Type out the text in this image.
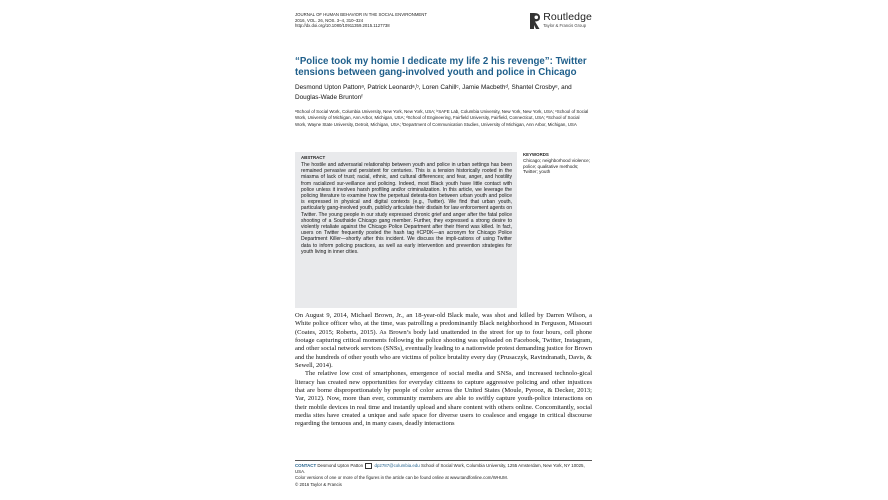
JOURNAL OF HUMAN BEHAVIOR IN THE SOCIAL ENVIRONMENT
2016, VOL. 26, NOS. 3–4, 310–324
http://dx.doi.org/10.1080/10911359.2015.1127738
Routledge
Taylor & Francis Group
“Police took my homie I dedicate my life 2 his revenge”: Twitter tensions between gang-involved youth and police in Chicago
Desmond Upton Pattonᵃ, Patrick Leonardᵃ,ᵇ, Loren Cahillᶜ, Jamie Macbethᵈ, Shantel Crosbyᵉ, and Douglas-Wade Bruntonᶠ
ᵃSchool of Social Work, Columbia University, New York, New York, USA; ᵇSAFE Lab, Columbia University, New York, New York, USA; ᶜSchool of Social Work, University of Michigan, Ann Arbor, Michigan, USA; ᵈSchool of Engineering, Fairfield University, Fairfield, Connecticut, USA; ᵉSchool of Social Work, Wayne State University, Detroit, Michigan, USA; ᶠDepartment of Communication Studies, University of Michigan, Ann Arbor, Michigan, USA
ABSTRACT
The hostile and adversarial relationship between youth and police in urban settings has been remained pervasive and persistent for centuries. This is a tension historically rooted in the miasma of lack of trust; racial, ethnic, and cultural differences; and fear, anger, and hostility from racialized sur-veillance and policing. Indeed, most Black youth have little contact with police unless it involves harsh profiling and/or criminalization. In this article, we leverage the policing literature to examine how the perpetual detesta-tion between urban youth and police is expressed in physical and digital contexts (e.g., Twitter). We find that urban youth, particularly gang-involved youth, publicly articulate their disdain for law enforcement agents on Twitter. The young people in our study expressed chronic grief and anger after the fatal police shooting of a Southside Chicago gang member. Further, they expressed a strong desire to violently retaliate against the Chicago Police Department after their friend was killed. In fact, users on Twitter frequently posted the hash tag #CPDK—an acronym for Chicago Police Department Killer—shortly after this incident. We discuss the impli-cations of using Twitter data to inform policing practices, as well as early intervention and prevention strategies for youth living in inner cities.
KEYWORDS
Chicago; neighborhood violence; police; qualitative methods; Twitter; youth

On August 9, 2014, Michael Brown, Jr., an 18-year-old Black male, was shot and killed by Darren Wilson, a White police officer who, at the time, was patrolling a predominantly Black neighborhood in Ferguson, Missouri (Coates, 2015; Roberts, 2015). As Brown’s body laid unattended in the street for up to four hours, cell phone footage capturing critical moments following the police shooting was uploaded on Facebook, Twitter, Instagram, and other social network services (SNSs), eventually leading to a nationwide protest demanding justice for Brown and the hundreds of other youth who are victims of police brutality every day (Prusaczyk, Ravindranath, Davis, & Sewell, 2014).

The relative low cost of smartphones, emergence of social media and SNSs, and increased technolo-gical literacy has created new opportunities for everyday citizens to capture aggressive policing and other injustices that are borne disproportionately by people of color across the United States (Moule, Pyrooz, & Decker, 2013; Yar, 2012). Now, more than ever, community members are able to swiftly capture youth-police interactions on their mobile devices in real time and instantly upload and share content with others online. Concomitantly, social media sites have created a unique and safe space for diverse users to coalesce and engage in critical discourse regarding the tenuous and, in many cases, deadly interactions

CONTACT Desmond Upton Patton	dp2787@columbia.edu School of Social Work, Columbia University, 1255 Amsterdam, New York, NY 10025, USA.
Color versions of one or more of the figures in the article can be found online at www.tandfonline.com/WHUM.
© 2016 Taylor & Francis
